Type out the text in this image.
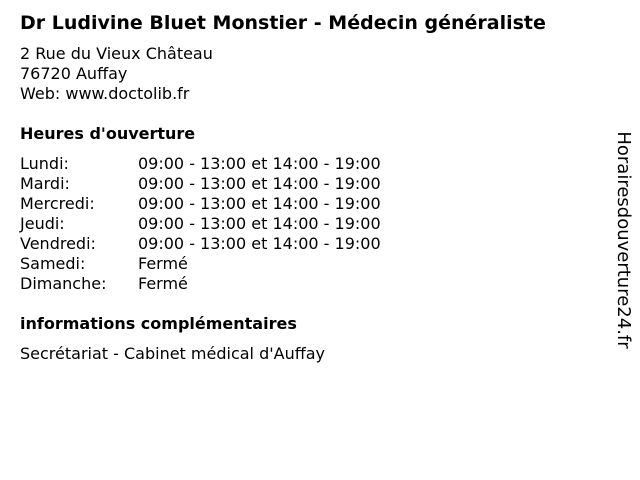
Dr Ludivine Bluet Monstier - Médecin généraliste
2 Rue du Vieux Château
76720 Auffay
Web: www.doctolib.fr
Heures d'ouverture
Lundi:	09:00 - 13:00 et 14:00 - 19:00
Mardi:	09:00 - 13:00 et 14:00 - 19:00
Mercredi:	09:00 - 13:00 et 14:00 - 19:00
Jeudi:	09:00 - 13:00 et 14:00 - 19:00
Vendredi:	09:00 - 13:00 et 14:00 - 19:00
Samedi:	Fermé
Dimanche: Fermé
informations complémentaires
Secrétariat - Cabinet médical d'Auffay
Horairesdouverture24.fr
